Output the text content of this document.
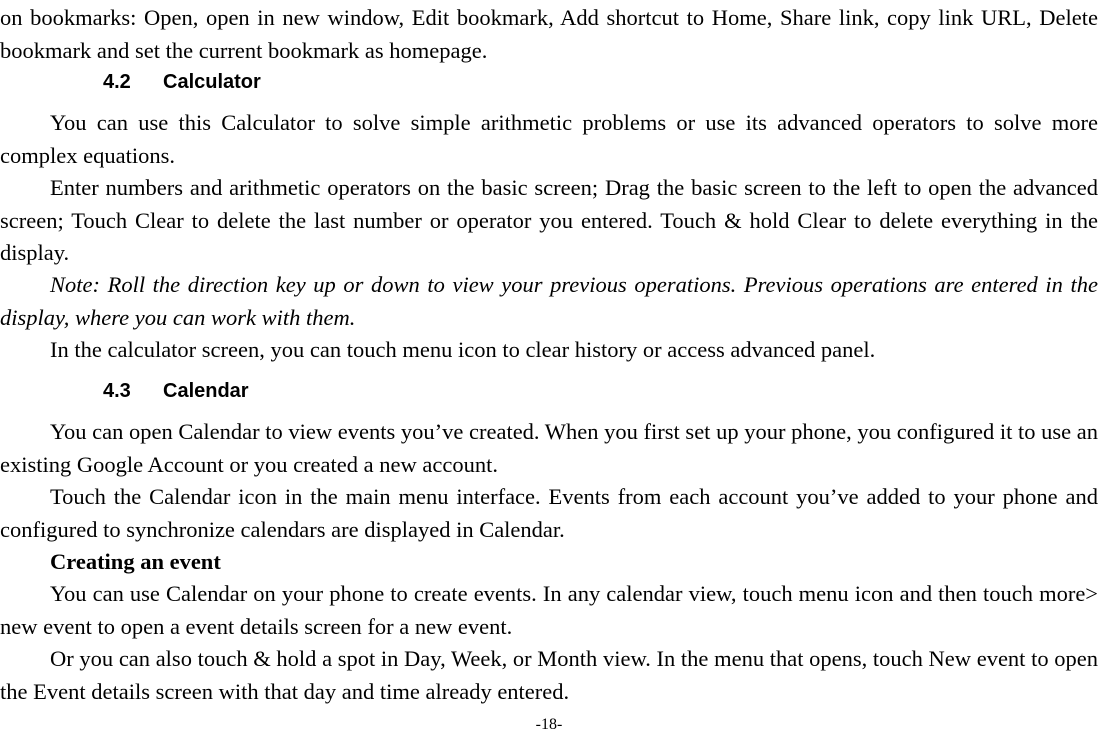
on bookmarks: Open, open in new window, Edit bookmark, Add shortcut to Home, Share link, copy link URL, Delete bookmark and set the current bookmark as homepage.

4.2 Calculator

You can use this Calculator to solve simple arithmetic problems or use its advanced operators to solve more complex equations.

Enter numbers and arithmetic operators on the basic screen; Drag the basic screen to the left to open the advanced screen; Touch Clear to delete the last number or operator you entered. Touch & hold Clear to delete everything in the display.

Note: Roll the direction key up or down to view your previous operations. Previous operations are entered in the display, where you can work with them.

In the calculator screen, you can touch menu icon to clear history or access advanced panel.

4.3 Calendar

You can open Calendar to view events you’ve created. When you first set up your phone, you configured it to use an existing Google Account or you created a new account.

Touch the Calendar icon in the main menu interface. Events from each account you’ve added to your phone and configured to synchronize calendars are displayed in Calendar.

Creating an event

You can use Calendar on your phone to create events. In any calendar view, touch menu icon and then touch more> new event to open a event details screen for a new event.

Or you can also touch & hold a spot in Day, Week, or Month view. In the menu that opens, touch New event to open the Event details screen with that day and time already entered.

-18-
